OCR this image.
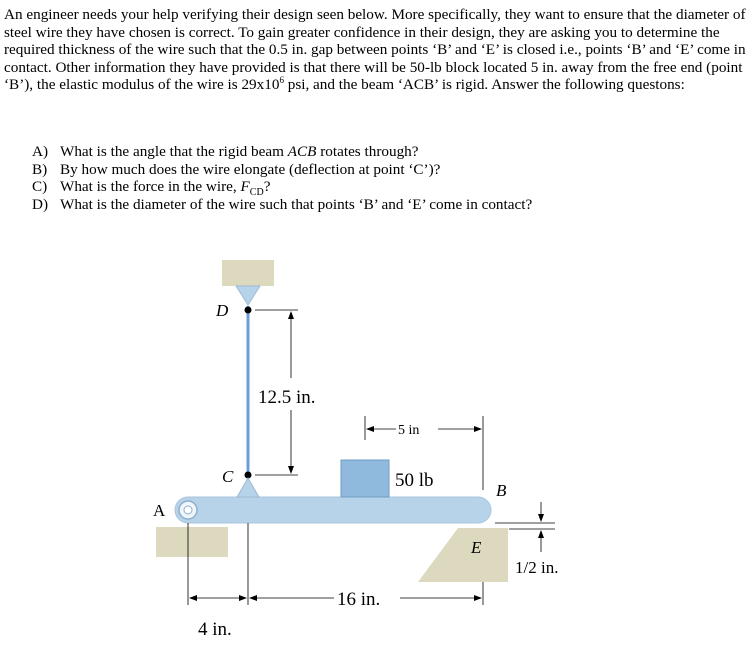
An engineer needs your help verifying their design seen below. More specifically, they want to ensure that the diameter of steel wire they have chosen is correct. To gain greater confidence in their design, they are asking you to determine the required thickness of the wire such that the 0.5 in. gap between points ‘B’ and ‘E’ is closed i.e., points ‘B’ and ‘E’ come in contact. Other information they have provided is that there will be 50-lb block located 5 in. away from the free end (point ‘B’), the elastic modulus of the wire is $29x10^6$ psi, and the beam ‘ACB’ is rigid. Answer the following questons:

A) What is the angle that the rigid beam ACB rotates through?
B) By how much does the wire elongate (deflection at point ‘C’)?
C) What is the force in the wire, $F_{CD}$?
D) What is the diameter of the wire such that points ‘B’ and ‘E’ come in contact?
D
C
A
B
E
12.5 in.
5 in
50 lb
16 in.
4 in.
1/2 in.
